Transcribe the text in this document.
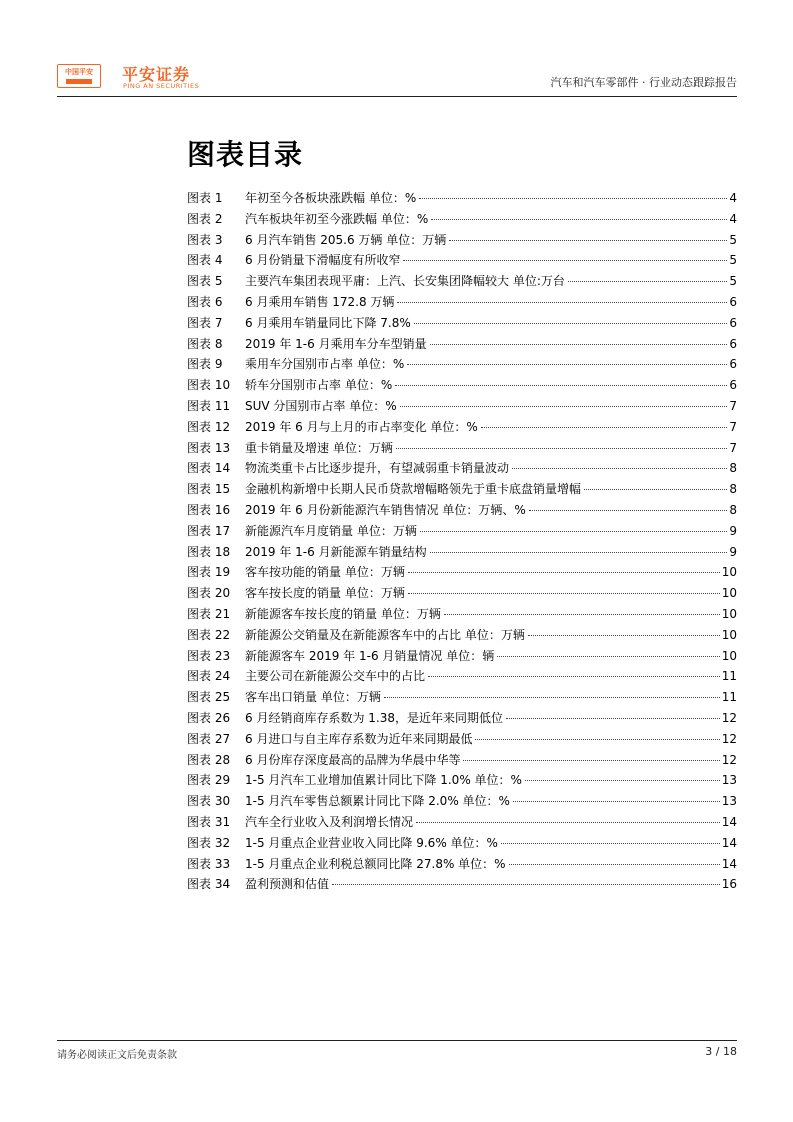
中国平安	平安证券
PING AN SECURITIES	汽车和汽车零部件 · 行业动态跟踪报告
图表目录
图表 1	年初至今各板块涨跌幅 单位：%	4
图表 2	汽车板块年初至今涨跌幅 单位：%	4
图表 3	6 月汽车销售 205.6 万辆 单位：万辆	5
图表 4	6 月份销量下滑幅度有所收窄	5
图表 5	主要汽车集团表现平庸：上汽、长安集团降幅较大 单位:万台	5
图表 6	6 月乘用车销售 172.8 万辆	6
图表 7	6 月乘用车销量同比下降 7.8%	6
图表 8	2019 年 1-6 月乘用车分车型销量	6
图表 9	乘用车分国别市占率 单位：%	6
图表 10	轿车分国别市占率 单位：%	6
图表 11	SUV 分国别市占率 单位：%	7
图表 12	2019 年 6 月与上月的市占率变化 单位：%	7
图表 13	重卡销量及增速 单位：万辆	7
图表 14	物流类重卡占比逐步提升，有望减弱重卡销量波动	8
图表 15	金融机构新增中长期人民币贷款增幅略领先于重卡底盘销量增幅	8
图表 16	2019 年 6 月份新能源汽车销售情况 单位：万辆、%	8
图表 17	新能源汽车月度销量 单位：万辆	9
图表 18	2019 年 1-6 月新能源车销量结构	9
图表 19	客车按功能的销量 单位：万辆	10
图表 20	客车按长度的销量 单位：万辆	10
图表 21	新能源客车按长度的销量 单位：万辆	10
图表 22	新能源公交销量及在新能源客车中的占比 单位：万辆	10
图表 23	新能源客车 2019 年 1-6 月销量情况 单位：辆	10
图表 24	主要公司在新能源公交车中的占比	11
图表 25	客车出口销量 单位：万辆	11
图表 26	6 月经销商库存系数为 1.38，是近年来同期低位	12
图表 27	6 月进口与自主库存系数为近年来同期最低	12
图表 28	6 月份库存深度最高的品牌为华晨中华等	12
图表 29	1-5 月汽车工业增加值累计同比下降 1.0% 单位：%	13
图表 30	1-5 月汽车零售总额累计同比下降 2.0% 单位：%	13
图表 31	汽车全行业收入及利润增长情况	14
图表 32	1-5 月重点企业营业收入同比降 9.6% 单位：%	14
图表 33	1-5 月重点企业利税总额同比降 27.8% 单位：%	14
图表 34	盈利预测和估值	16
请务必阅读正文后免责条款	3 / 18
